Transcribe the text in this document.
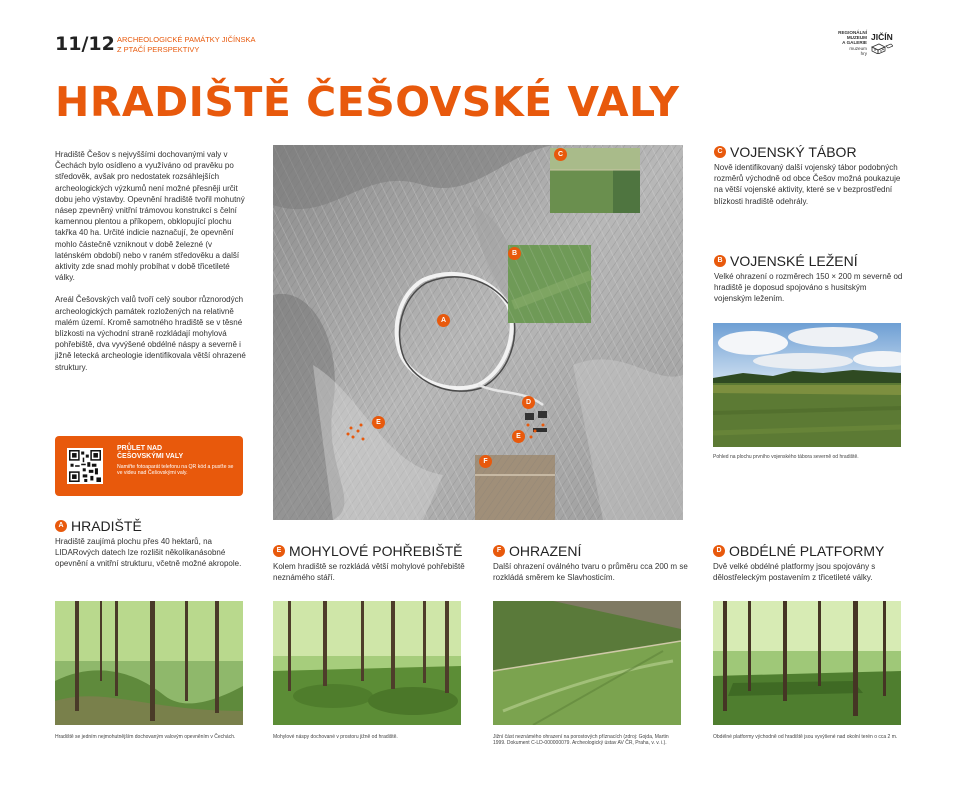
11/12 ARCHEOLOGICKÉ PAMÁTKY JIČÍNSKA
Z PTAČÍ PERSPEKTIVY
REGIONÁLNÍ
MUZEUM
A GALERIE
muzeum
hry
JIČÍN
HRADIŠTĚ ČEŠOVSKÉ VALY

Hradiště Češov s nejvyššími dochovanými valy v Čechách bylo osídleno a využíváno od pravěku po středověk, avšak pro nedostatek rozsáhlejších archeologických výzkumů není možné přesněji určit dobu jeho výstavby. Opevnění hradiště tvořil mohutný násep zpevněný vnitřní trámovou konstrukcí s čelní kamennou plentou a příkopem, obklopující plochu takřka 40 ha. Určité indicie naznačují, že opevnění mohlo částečně vzniknout v době železné (v laténském období) nebo v raném středověku a další aktivity zde snad mohly probíhat v době třicetileté války.

Areál Češovských valů tvoří celý soubor různorodých archeologických památek rozložených na relativně malém území. Kromě samotného hradiště se v těsné blízkosti na východní straně rozkládají mohylová pohřebiště, dva vyvýšené obdélné náspy a severně i jižně letecká archeologie identifikovala větší ohrazené struktury.

PRŮLET NAD
ČEŠOVSKÝMI VALY
Namiřte fotoaparát telefonu na QR kód a pusťte se ve videu nad Češovskými valy.
A
B
C
D
E
E
F
C VOJENSKÝ TÁBOR
Nově identifikovaný další vojenský tábor podobných rozměrů východně od obce Češov možná poukazuje na větší vojenské aktivity, které se v bezprostřední blízkosti hradiště odehrály.
B VOJENSKÉ LEŽENÍ
Velké ohrazení o rozměrech 150 × 200 m severně od hradiště je doposud spojováno s husitským vojenským ležením.
Pohled na plochu prvního vojenského tábora severně od hradiště.
A HRADIŠTĚ
Hradiště zaujímá plochu přes 40 hektarů, na LIDARových datech lze rozlišit několikanásobné opevnění a vnitřní strukturu, včetně možné akropole.
E MOHYLOVÉ POHŘEBIŠTĚ
Kolem hradiště se rozkládá větší mohylové pohřebiště neznámého stáří.
F OHRAZENÍ
Další ohrazení oválného tvaru o průměru cca 200 m se rozkládá směrem ke Slavhosticím.
D OBDÉLNÉ PLATFORMY
Dvě velké obdélné platformy jsou spojovány s dělostřeleckým postavením z třicetileté války.
Hradiště se jedním nejmohutnějším dochovaným valovým opevněním v Čechách.	Mohylové náspy dochované v prostoru jižně od hradiště.	Jižní část neznámého ohrazení na porostových příznacích (zdroj: Gojda, Martin 1999. Dokument C-LD-000000079. Archeologický ústav AV ČR, Praha, v. v. i.).
Obdélné platformy východně od hradiště jsou vyvýšené nad okolní terén o cca 2 m.
